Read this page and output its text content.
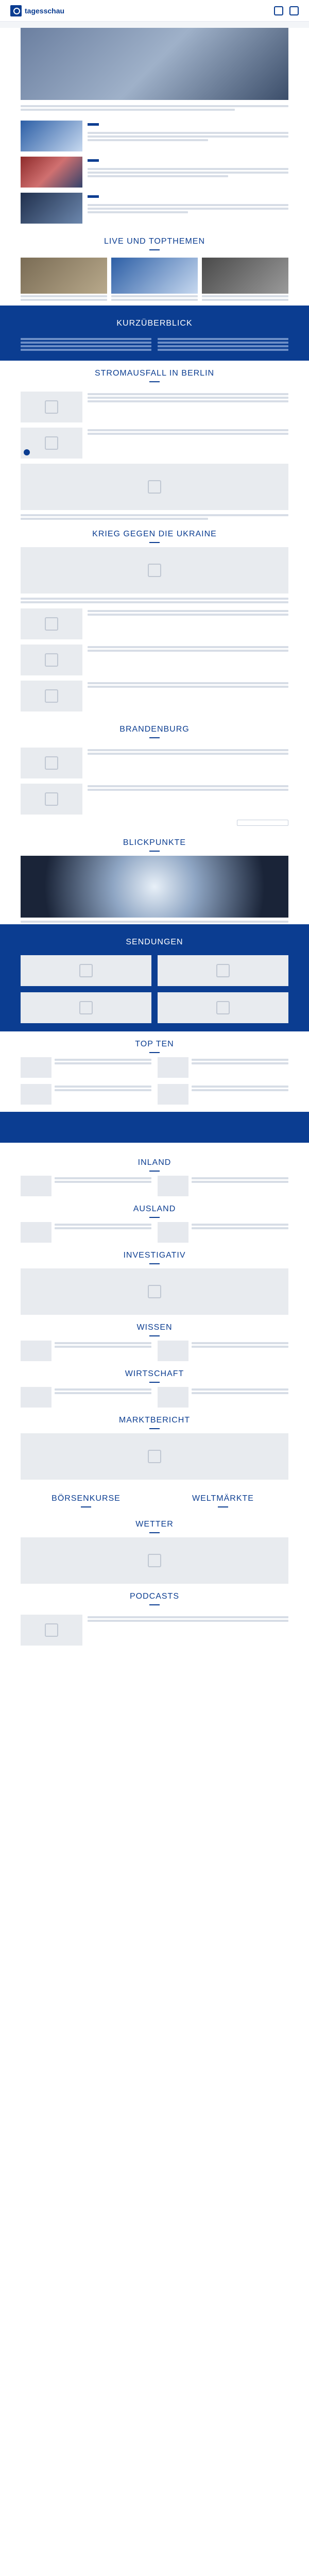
tagesschau
LIVE UND TOPTHEMEN
KURZÜBERBLICK
STROMAUSFALL IN BERLIN
KRIEG GEGEN DIE UKRAINE
BRANDENBURG
BLICKPUNKTE
SENDUNGEN
TOP TEN
INLAND
AUSLAND
INVESTIGATIV
WISSEN
WIRTSCHAFT
MARKTBERICHT
BÖRSENKURSE	WELTMÄRKTE
WETTER
PODCASTS
